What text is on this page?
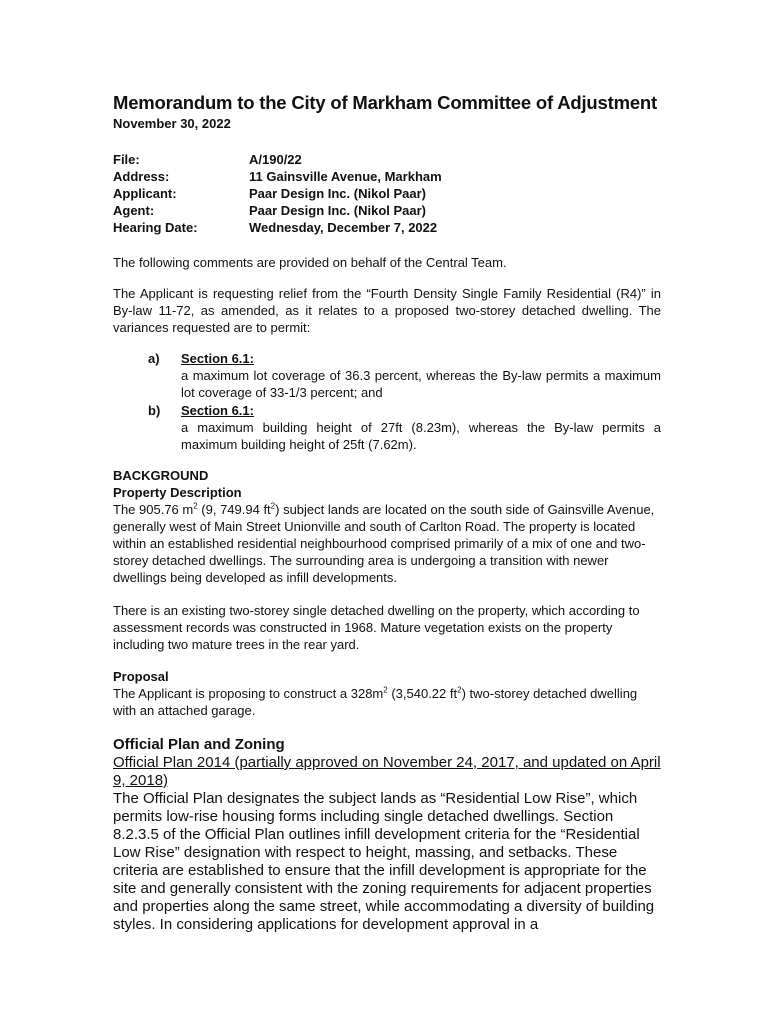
Memorandum to the City of Markham Committee of Adjustment
November 30, 2022
File:	A/190/22
Address:	11 Gainsville Avenue, Markham
Applicant:	Paar Design Inc. (Nikol Paar)
Agent:	Paar Design Inc. (Nikol Paar)
Hearing Date:	Wednesday, December 7, 2022

The following comments are provided on behalf of the Central Team.

The Applicant is requesting relief from the “Fourth Density Single Family Residential (R4)” in By-law 11-72, as amended, as it relates to a proposed two-storey detached dwelling. The variances requested are to permit:

a)	Section 6.1:
a maximum lot coverage of 36.3 percent, whereas the By-law permits a maximum lot coverage of 33-1/3 percent; and
b)	Section 6.1:
a maximum building height of 27ft (8.23m), whereas the By-law permits a maximum building height of 25ft (7.62m).
BACKGROUND
Property Description

The 905.76 $m^2$ (9, 749.94 $ft^2$) subject lands are located on the south side of Gainsville Avenue, generally west of Main Street Unionville and south of Carlton Road. The property is located within an established residential neighbourhood comprised primarily of a mix of one and two-storey detached dwellings. The surrounding area is undergoing a transition with newer dwellings being developed as infill developments.

There is an existing two-storey single detached dwelling on the property, which according to assessment records was constructed in 1968. Mature vegetation exists on the property including two mature trees in the rear yard.

Proposal

The Applicant is proposing to construct a $328m^2$ (3,540.22 $ft^2$) two-storey detached dwelling with an attached garage.

Official Plan and Zoning
Official Plan 2014 (partially approved on November 24, 2017, and updated on April 9, 2018)

The Official Plan designates the subject lands as “Residential Low Rise”, which permits low-rise housing forms including single detached dwellings. Section 8.2.3.5 of the Official Plan outlines infill development criteria for the “Residential Low Rise” designation with respect to height, massing, and setbacks. These criteria are established to ensure that the infill development is appropriate for the site and generally consistent with the zoning requirements for adjacent properties and properties along the same street, while accommodating a diversity of building styles. In considering applications for development approval in a
